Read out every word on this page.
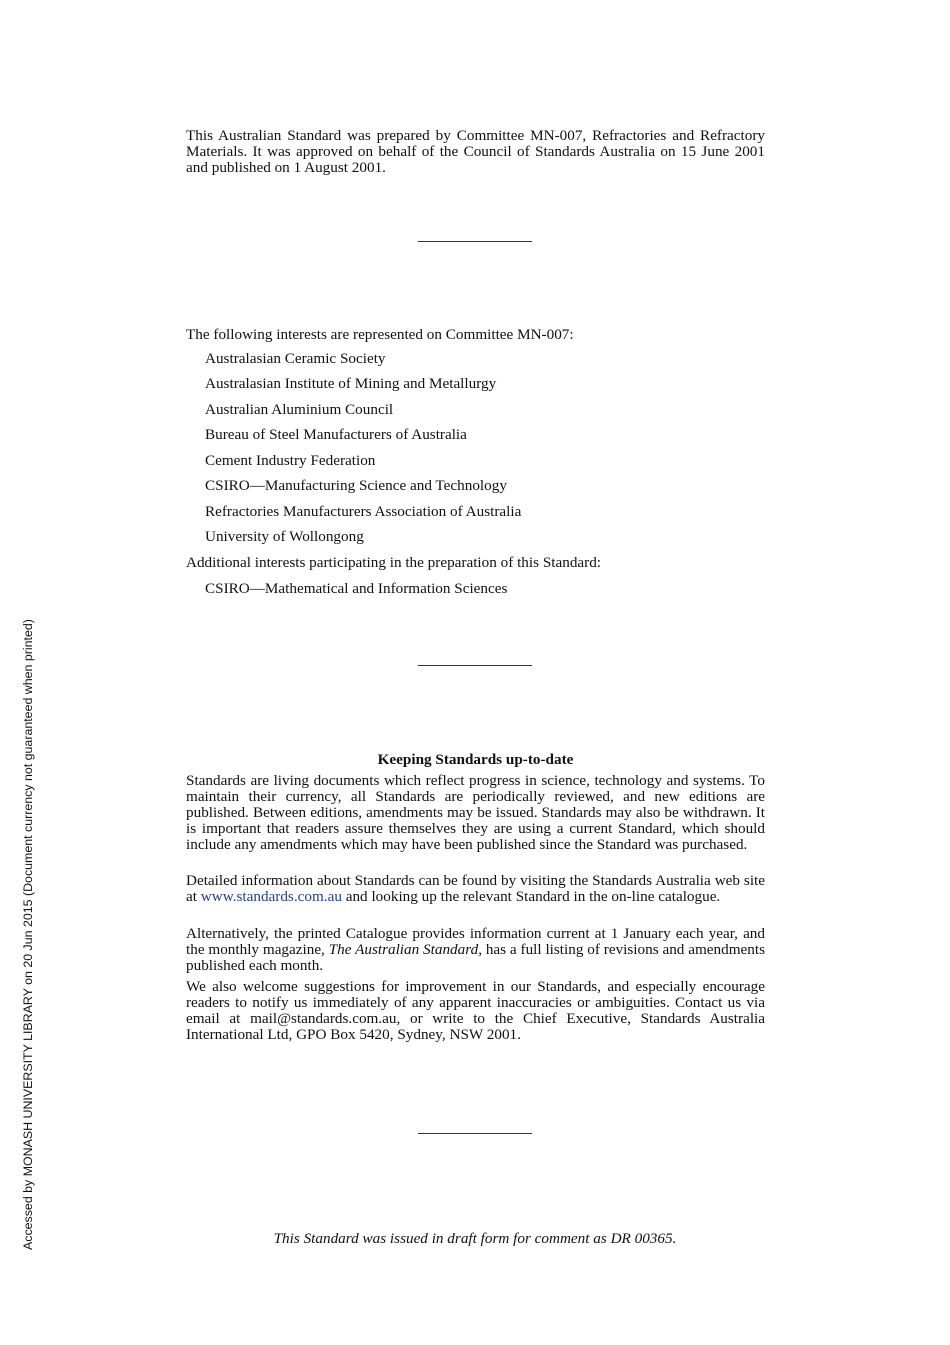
This Australian Standard was prepared by Committee MN-007, Refractories and Refractory Materials. It was approved on behalf of the Council of Standards Australia on 15 June 2001 and published on 1 August 2001.
The following interests are represented on Committee MN-007:
Australasian Ceramic Society
Australasian Institute of Mining and Metallurgy
Australian Aluminium Council
Bureau of Steel Manufacturers of Australia
Cement Industry Federation
CSIRO—Manufacturing Science and Technology
Refractories Manufacturers Association of Australia
University of Wollongong
Additional interests participating in the preparation of this Standard:
CSIRO—Mathematical and Information Sciences
Keeping Standards up-to-date
Standards are living documents which reflect progress in science, technology and systems. To maintain their currency, all Standards are periodically reviewed, and new editions are published. Between editions, amendments may be issued. Standards may also be withdrawn. It is important that readers assure themselves they are using a current Standard, which should include any amendments which may have been published since the Standard was purchased.
Detailed information about Standards can be found by visiting the Standards Australia web site at www.standards.com.au and looking up the relevant Standard in the on-line catalogue.
Alternatively, the printed Catalogue provides information current at 1 January each year, and the monthly magazine, The Australian Standard, has a full listing of revisions and amendments published each month.
We also welcome suggestions for improvement in our Standards, and especially encourage readers to notify us immediately of any apparent inaccuracies or ambiguities. Contact us via email at mail@standards.com.au, or write to the Chief Executive, Standards Australia International Ltd, GPO Box 5420, Sydney, NSW 2001.
This Standard was issued in draft form for comment as DR 00365.
Accessed by MONASH UNIVERSITY LIBRARY on 20 Jun 2015 (Document currency not guaranteed when printed)
